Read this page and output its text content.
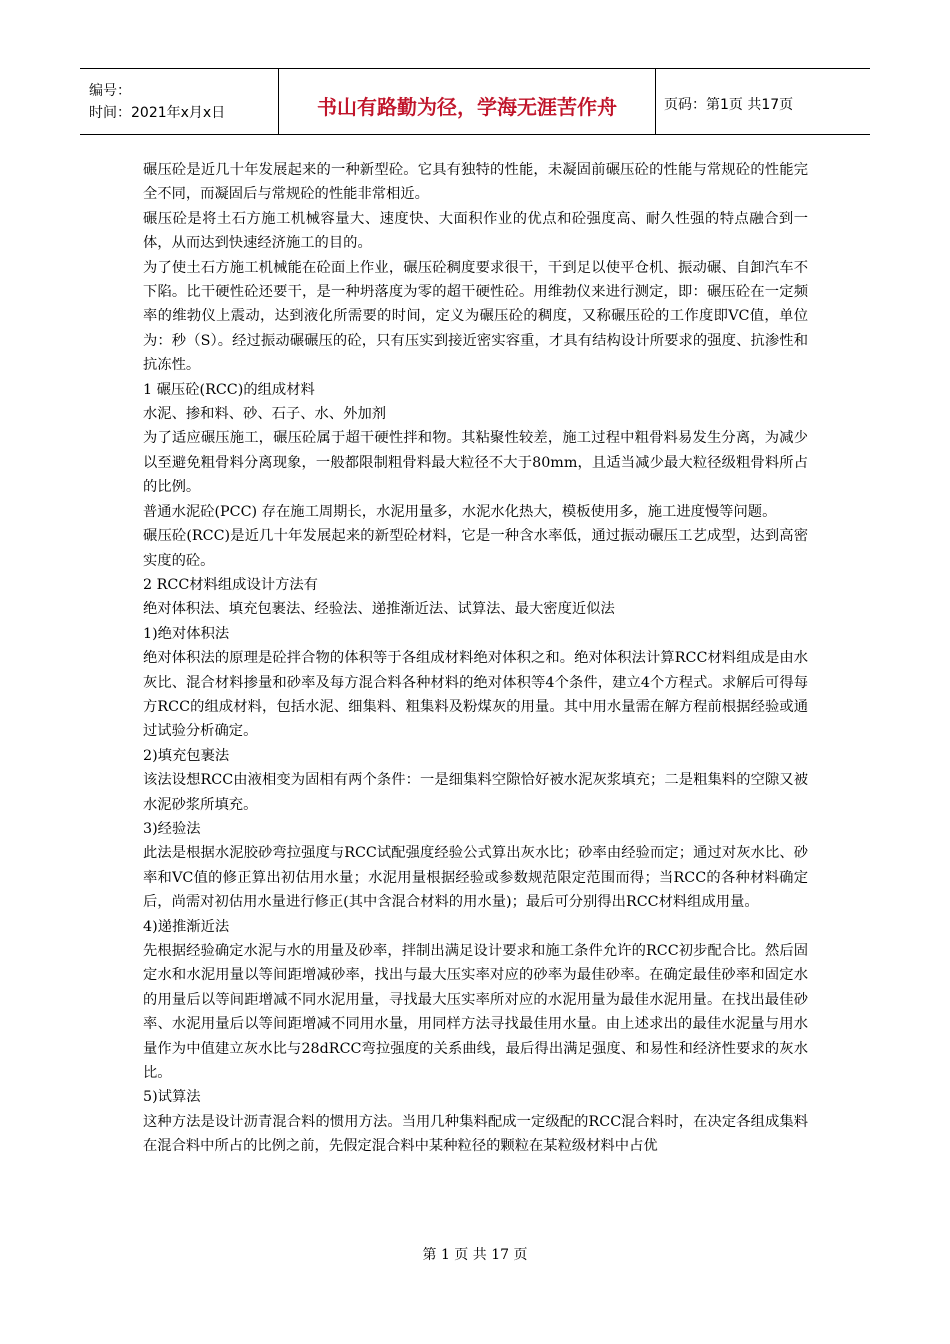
编号：
时间：2021年x月x日	书山有路勤为径，学海无涯苦作舟	页码：第1页 共17页

碾压砼是近几十年发展起来的一种新型砼。它具有独特的性能，未凝固前碾压砼的性能与常规砼的性能完全不同，而凝固后与常规砼的性能非常相近。

碾压砼是将土石方施工机械容量大、速度快、大面积作业的优点和砼强度高、耐久性强的特点融合到一体，从而达到快速经济施工的目的。

为了使土石方施工机械能在砼面上作业，碾压砼稠度要求很干，干到足以使平仓机、振动碾、自卸汽车不下陷。比干硬性砼还要干，是一种坍落度为零的超干硬性砼。用维勃仪来进行测定，即：碾压砼在一定频率的维勃仪上震动，达到液化所需要的时间，定义为碾压砼的稠度，又称碾压砼的工作度即VC值，单位为：秒（S）。经过振动碾碾压的砼，只有压实到接近密实容重，才具有结构设计所要求的强度、抗渗性和抗冻性。

1 碾压砼(RCC)的组成材料

水泥、掺和料、砂、石子、水、外加剂

为了适应碾压施工，碾压砼属于超干硬性拌和物。其粘聚性较差，施工过程中粗骨料易发生分离，为减少以至避免粗骨料分离现象，一般都限制粗骨料最大粒径不大于80mm，且适当减少最大粒径级粗骨料所占的比例。

普通水泥砼(PCC) 存在施工周期长，水泥用量多，水泥水化热大，模板使用多，施工进度慢等问题。

碾压砼(RCC)是近几十年发展起来的新型砼材料，它是一种含水率低，通过振动碾压工艺成型，达到高密实度的砼。

2 RCC材料组成设计方法有

绝对体积法、填充包裹法、经验法、递推渐近法、试算法、最大密度近似法

1)绝对体积法

绝对体积法的原理是砼拌合物的体积等于各组成材料绝对体积之和。绝对体积法计算RCC材料组成是由水灰比、混合材料掺量和砂率及每方混合料各种材料的绝对体积等4个条件，建立4个方程式。求解后可得每方RCC的组成材料，包括水泥、细集料、粗集料及粉煤灰的用量。其中用水量需在解方程前根据经验或通过试验分析确定。

2)填充包裹法

该法设想RCC由液相变为固相有两个条件：一是细集料空隙恰好被水泥灰浆填充；二是粗集料的空隙又被水泥砂浆所填充。

3)经验法

此法是根据水泥胶砂弯拉强度与RCC试配强度经验公式算出灰水比；砂率由经验而定；通过对灰水比、砂率和VC值的修正算出初估用水量；水泥用量根据经验或参数规范限定范围而得；当RCC的各种材料确定后，尚需对初估用水量进行修正(其中含混合材料的用水量)；最后可分别得出RCC材料组成用量。

4)递推渐近法

先根据经验确定水泥与水的用量及砂率，拌制出满足设计要求和施工条件允许的RCC初步配合比。然后固定水和水泥用量以等间距增减砂率，找出与最大压实率对应的砂率为最佳砂率。在确定最佳砂率和固定水的用量后以等间距增减不同水泥用量，寻找最大压实率所对应的水泥用量为最佳水泥用量。在找出最佳砂率、水泥用量后以等间距增减不同用水量，用同样方法寻找最佳用水量。由上述求出的最佳水泥量与用水量作为中值建立灰水比与28dRCC弯拉强度的关系曲线，最后得出满足强度、和易性和经济性要求的灰水比。

5)试算法

这种方法是设计沥青混合料的惯用方法。当用几种集料配成一定级配的RCC混合料时，在决定各组成集料在混合料中所占的比例之前，先假定混合料中某种粒径的颗粒在某粒级材料中占优

第 1 页 共 17 页
